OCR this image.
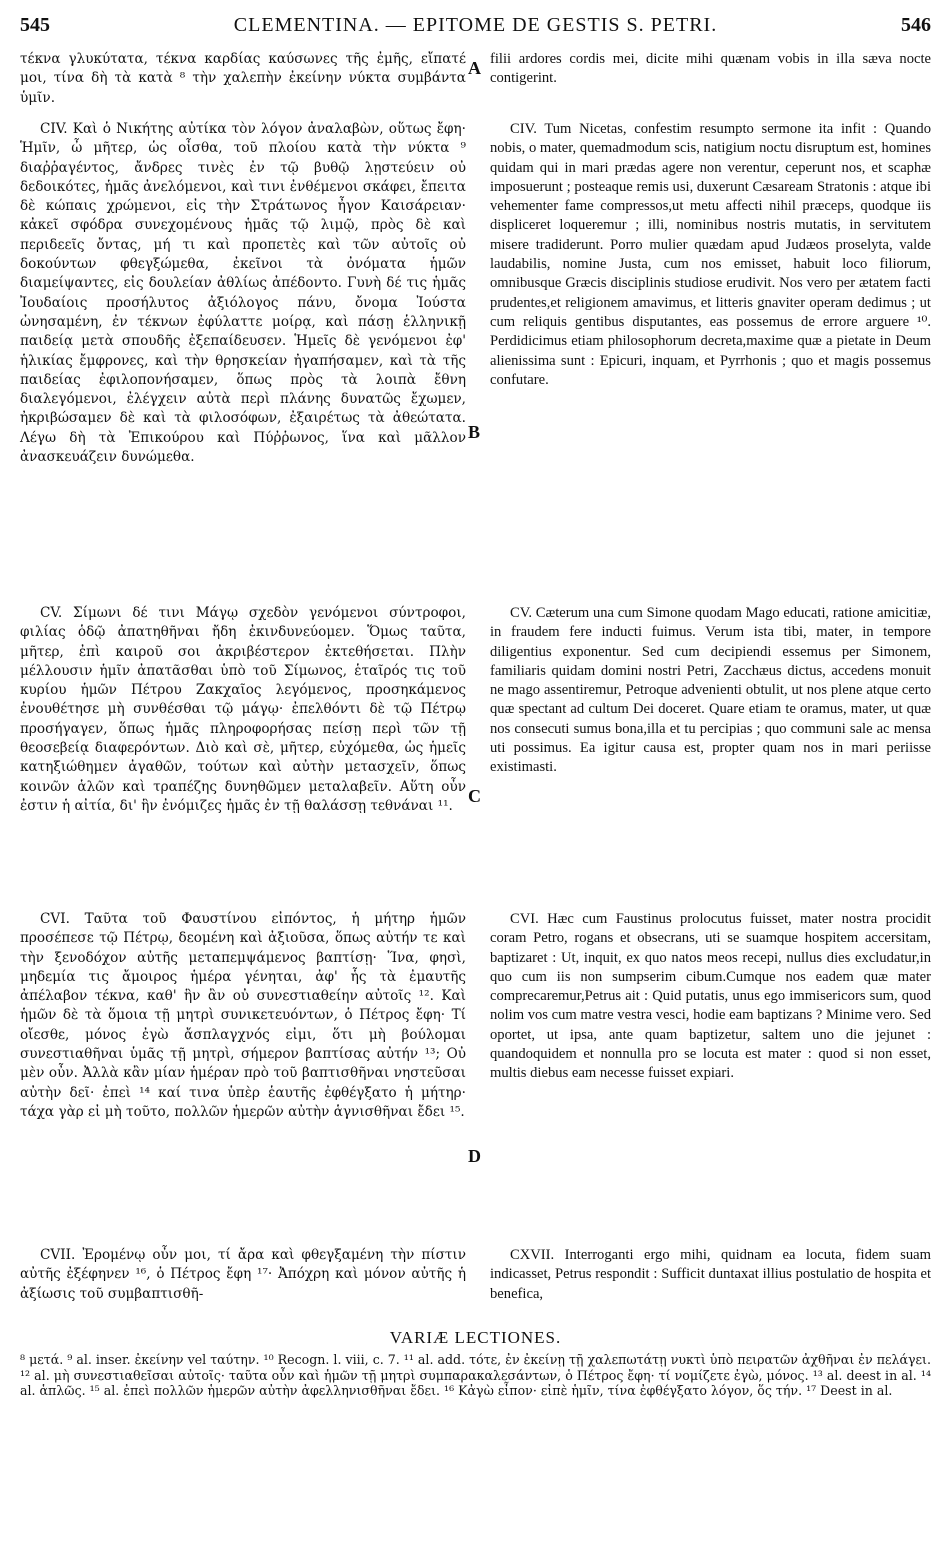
545	CLEMENTINA. — EPITOME DE GESTIS S. PETRI.	546

τέκνα γλυκύτατα, τέκνα καρδίας καύσωνες τῆς ἐμῆς, εἴπατέ μοι, τίνα δὴ τὰ κατὰ ⁸ τὴν χαλεπὴν ἐκείνην νύκτα συμβάντα ὑμῖν.

CIV. Καὶ ὁ Νικήτης αὐτίκα τὸν λόγον ἀναλαβὼν, οὕτως ἔφη· Ἡμῖν, ὦ μῆτερ, ὡς οἶσθα, τοῦ πλοίου κατὰ τὴν νύκτα ⁹ διαῤῥαγέντος, ἄνδρες τινὲς ἐν τῷ βυθῷ λῃστεύειν οὐ δεδοικότες, ἡμᾶς ἀνελόμενοι, καὶ τινι ἐνθέμενοι σκάφει, ἔπειτα δὲ κώπαις χρώμενοι, εἰς τὴν Στράτωνος ἦγον Καισάρειαν· κἀκεῖ σφόδρα συνεχομένους ἡμᾶς τῷ λιμῷ, πρὸς δὲ καὶ περιδεεῖς ὄντας, μή τι καὶ προπετὲς καὶ τῶν αὐτοῖς οὐ δοκούντων φθεγξώμεθα, ἐκεῖνοι τὰ ὀνόματα ἡμῶν διαμείψαντες, εἰς δουλείαν ἀθλίως ἀπέδοντο. Γυνὴ δέ τις ἡμᾶς Ἰουδαίοις προσήλυτος ἀξιόλογος πάνυ, ὄνομα Ἰούστα ὠνησαμένη, ἐν τέκνων ἐφύλαττε μοίρᾳ, καὶ πάσῃ ἑλληνικῇ παιδείᾳ μετὰ σπουδῆς ἐξεπαίδευσεν. Ἡμεῖς δὲ γενόμενοι ἐφ' ἡλικίας ἔμφρονες, καὶ τὴν θρησκείαν ἠγαπήσαμεν, καὶ τὰ τῆς παιδείας ἐφιλοπονήσαμεν, ὅπως πρὸς τὰ λοιπὰ ἔθνη διαλεγόμενοι, ἐλέγχειν αὐτὰ περὶ πλάνης δυνατῶς ἔχωμεν, ἠκριβώσαμεν δὲ καὶ τὰ φιλοσόφων, ἐξαιρέτως τὰ ἀθεώτατα. Λέγω δὴ τὰ Ἐπικούρου καὶ Πύῤῥωνος, ἵνα καὶ μᾶλλον ἀνασκευάζειν δυνώμεθα.

CV. Σίμωνι δέ τινι Μάγῳ σχεδὸν γενόμενοι σύντροφοι, φιλίας ὁδῷ ἀπατηθῆναι ἤδη ἐκινδυνεύομεν. Ὅμως ταῦτα, μῆτερ, ἐπὶ καιροῦ σοι ἀκριβέστερον ἐκτεθήσεται. Πλὴν μέλλουσιν ἡμῖν ἀπατᾶσθαι ὑπὸ τοῦ Σίμωνος, ἑταῖρός τις τοῦ κυρίου ἡμῶν Πέτρου Ζακχαῖος λεγόμενος, προσηκάμενος ἐνουθέτησε μὴ συνθέσθαι τῷ μάγῳ· ἐπελθόντι δὲ τῷ Πέτρῳ προσήγαγεν, ὅπως ἡμᾶς πληροφορήσας πείσῃ περὶ τῶν τῇ θεοσεβείᾳ διαφερόντων. Διὸ καὶ σὲ, μῆτερ, εὐχόμεθα, ὡς ἡμεῖς κατηξιώθημεν ἀγαθῶν, τούτων καὶ αὐτὴν μετασχεῖν, ὅπως κοινῶν ἁλῶν καὶ τραπέζης δυνηθῶμεν μεταλαβεῖν. Αὕτη οὖν ἐστιν ἡ αἰτία, δι' ἣν ἐνόμιζες ἡμᾶς ἐν τῇ θαλάσσῃ τεθνάναι ¹¹.

CVI. Ταῦτα τοῦ Φαυστίνου εἰπόντος, ἡ μήτηρ ἡμῶν προσέπεσε τῷ Πέτρῳ, δεομένη καὶ ἀξιοῦσα, ὅπως αὐτήν τε καὶ τὴν ξενοδόχον αὐτῆς μεταπεμψάμενος βαπτίσῃ· Ἵνα, φησὶ, μηδεμία τις ἄμοιρος ἡμέρα γένηται, ἀφ' ἧς τὰ ἐμαυτῆς ἀπέλαβον τέκνα, καθ' ἣν ἂν οὐ συνεστιαθείην αὐτοῖς ¹². Καὶ ἡμῶν δὲ τὰ ὅμοια τῇ μητρὶ συνικετευόντων, ὁ Πέτρος ἔφη· Τί οἴεσθε, μόνος ἐγὼ ἄσπλαγχνός εἰμι, ὅτι μὴ βούλομαι συνεστιαθῆναι ὑμᾶς τῇ μητρὶ, σήμερον βαπτίσας αὐτήν ¹³; Οὐ μὲν οὖν. Ἀλλὰ κἂν μίαν ἡμέραν πρὸ τοῦ βαπτισθῆναι νηστεῦσαι αὐτὴν δεῖ· ἐπεὶ ¹⁴ καί τινα ὑπὲρ ἑαυτῆς ἐφθέγξατο ἡ μήτηρ· τάχα γὰρ εἰ μὴ τοῦτο, πολλῶν ἡμερῶν αὐτὴν ἁγνισθῆναι ἔδει ¹⁵.

CVII. Ἐρομένῳ οὖν μοι, τί ἄρα καὶ φθεγξαμένη τὴν πίστιν αὐτῆς ἐξέφηνεν ¹⁶, ὁ Πέτρος ἔφη ¹⁷· Ἀπόχρη καὶ μόνον αὐτῆς ἡ ἀξίωσις τοῦ συμβαπτισθῆ-

A
B
C
D

filii ardores cordis mei, dicite mihi quænam vobis in illa sæva nocte contigerint.

CIV. Tum Nicetas, confestim resumpto sermone ita infit : Quando nobis, o mater, quemadmodum scis, natigium noctu disruptum est, homines quidam qui in mari prædas agere non verentur, ceperunt nos, et scaphæ imposuerunt ; posteaque remis usi, duxerunt Cæsaream Stratonis : atque ibi vehementer fame compressos,ut metu affecti nihil præceps, quodque iis displiceret loqueremur ; illi, nominibus nostris mutatis, in servitutem misere tradiderunt. Porro mulier quædam apud Judæos proselyta, valde laudabilis, nomine Justa, cum nos emisset, habuit loco filiorum, omnibusque Græcis disciplinis studiose erudivit. Nos vero per ætatem facti prudentes,et religionem amavimus, et litteris gnaviter operam dedimus ; ut cum reliquis gentibus disputantes, eas possemus de errore arguere ¹⁰. Perdidicimus etiam philosophorum decreta,maxime quæ a pietate in Deum alienissima sunt : Epicuri, inquam, et Pyrrhonis ; quo et magis possemus confutare.

CV. Cæterum una cum Simone quodam Mago educati, ratione amicitiæ, in fraudem fere inducti fuimus. Verum ista tibi, mater, in tempore diligentius exponentur. Sed cum decipiendi essemus per Simonem, familiaris quidam domini nostri Petri, Zacchæus dictus, accedens monuit ne mago assentiremur, Petroque advenienti obtulit, ut nos plene atque certo quæ spectant ad cultum Dei doceret. Quare etiam te oramus, mater, ut quæ nos consecuti sumus bona,illa et tu percipias ; quo communi sale ac mensa uti possimus. Ea igitur causa est, propter quam nos in mari periisse existimasti.

CVI. Hæc cum Faustinus prolocutus fuisset, mater nostra procidit coram Petro, rogans et obsecrans, uti se suamque hospitem accersitam, baptizaret : Ut, inquit, ex quo natos meos recepi, nullus dies excludatur,in quo cum iis non sumpserim cibum.Cumque nos eadem quæ mater comprecaremur,Petrus ait : Quid putatis, unus ego immisericors sum, quod nolim vos cum matre vestra vesci, hodie eam baptizans ? Minime vero. Sed oportet, ut ipsa, ante quam baptizetur, saltem uno die jejunet : quandoquidem et nonnulla pro se locuta est mater : quod si non esset, multis diebus eam necesse fuisset expiari.

CXVII. Interroganti ergo mihi, quidnam ea locuta, fidem suam indicasset, Petrus respondit : Sufficit duntaxat illius postulatio de hospita et benefica,

VARIÆ LECTIONES.

⁸ μετά. ⁹ al. inser. ἐκείνην vel ταύτην. ¹⁰ Recogn. l. viii, c. 7. ¹¹ al. add. τότε, ἐν ἐκείνῃ τῇ χαλεπωτάτῃ νυκτὶ ὑπὸ πειρατῶν ἀχθῆναι ἐν πελάγει. ¹² al. μὴ συνεστιαθεῖσαι αὐτοῖς· ταῦτα οὖν καὶ ἡμῶν τῇ μητρὶ συμπαρακαλεσάντων, ὁ Πέτρος ἔφη· τί νομίζετε ἐγὼ, μόνος. ¹³ al. deest in al. ¹⁴ al. ἁπλῶς. ¹⁵ al. ἐπεὶ πολλῶν ἡμερῶν αὐτὴν ἀφελληνισθῆναι ἔδει. ¹⁶ Κἀγὼ εἶπον· εἰπὲ ἡμῖν, τίνα ἐφθέγξατο λόγον, ὅς τήν. ¹⁷ Deest in al.
